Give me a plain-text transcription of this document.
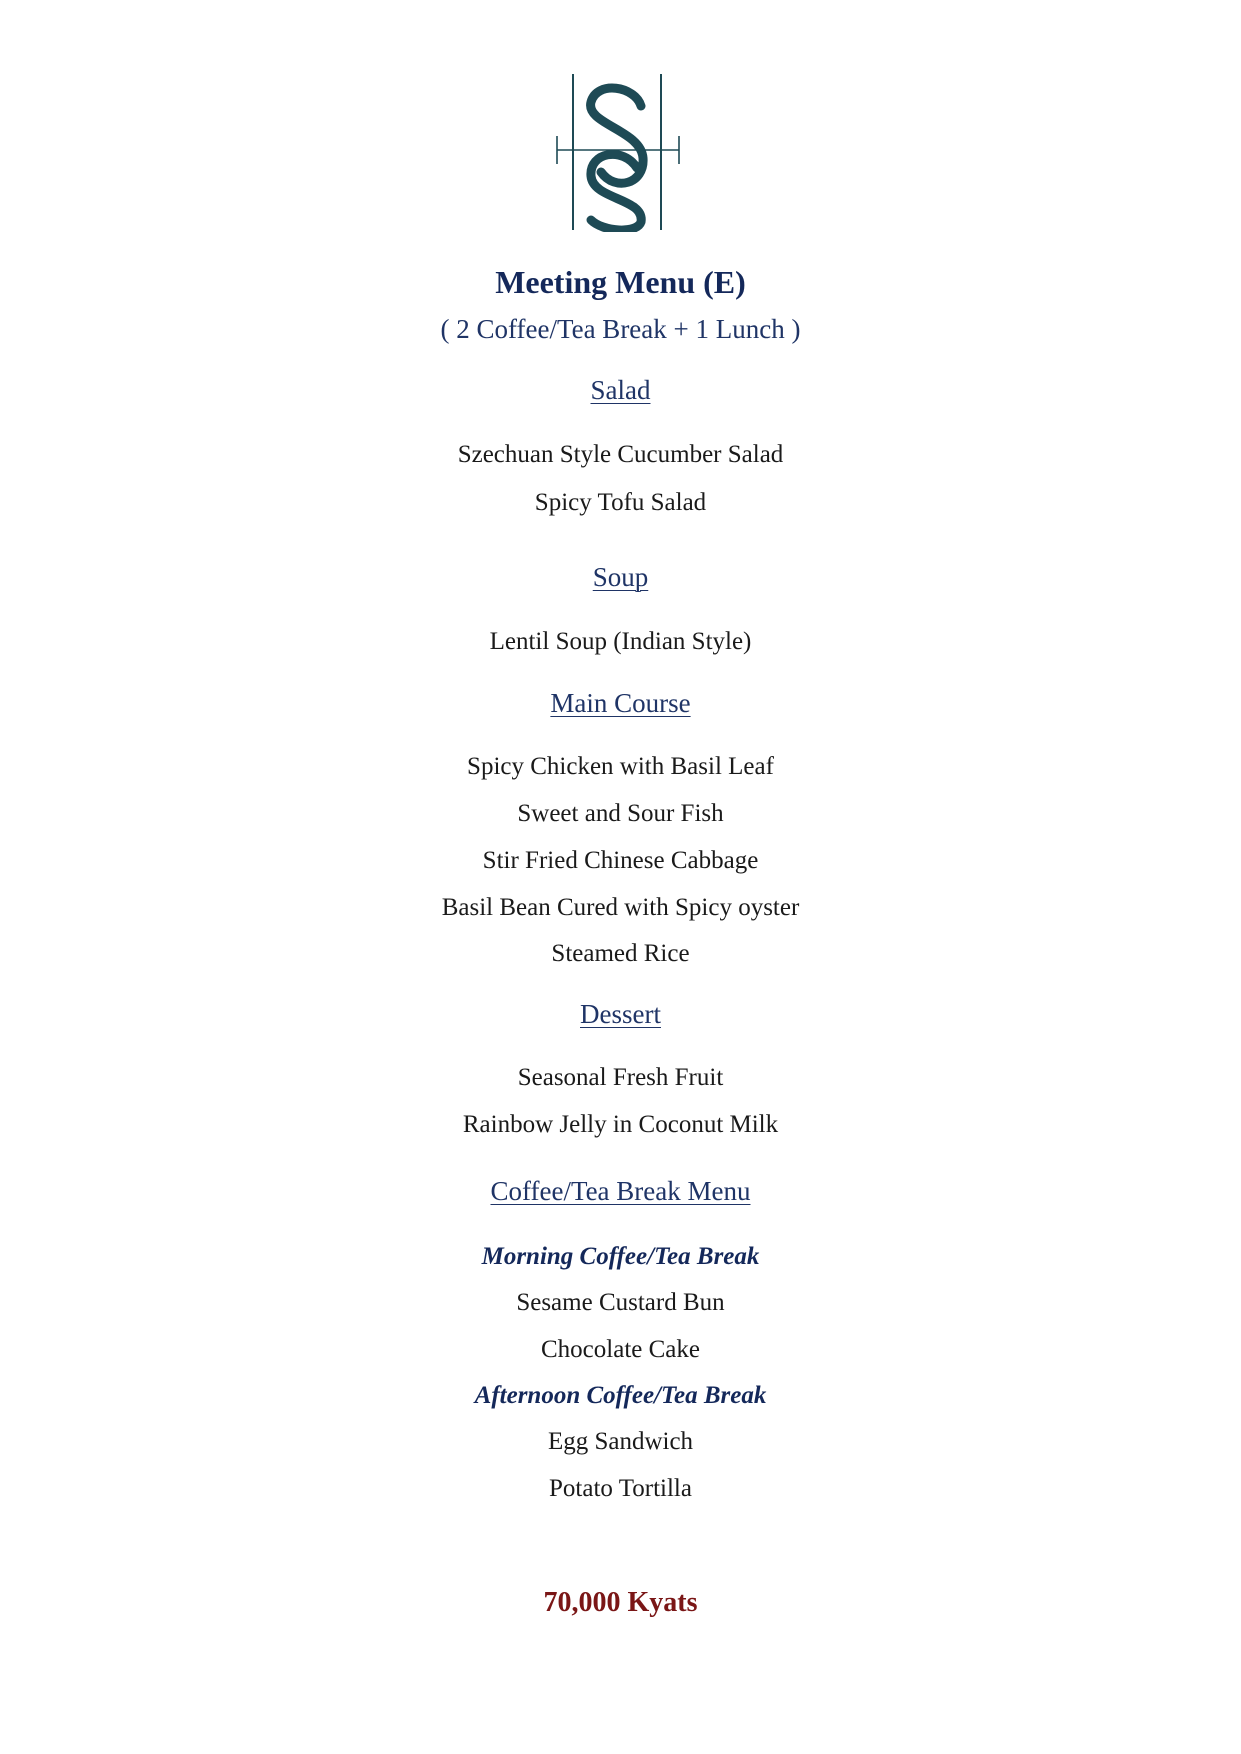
Meeting Menu (E)
( 2 Coffee/Tea Break + 1 Lunch )
Salad
Szechuan Style Cucumber Salad
Spicy Tofu Salad
Soup
Lentil Soup (Indian Style)
Main Course
Spicy Chicken with Basil Leaf
Sweet and Sour Fish
Stir Fried Chinese Cabbage
Basil Bean Cured with Spicy oyster
Steamed Rice
Dessert
Seasonal Fresh Fruit
Rainbow Jelly in Coconut Milk
Coffee/Tea Break Menu
Morning Coffee/Tea Break
Sesame Custard Bun
Chocolate Cake
Afternoon Coffee/Tea Break
Egg Sandwich
Potato Tortilla
70,000 Kyats
